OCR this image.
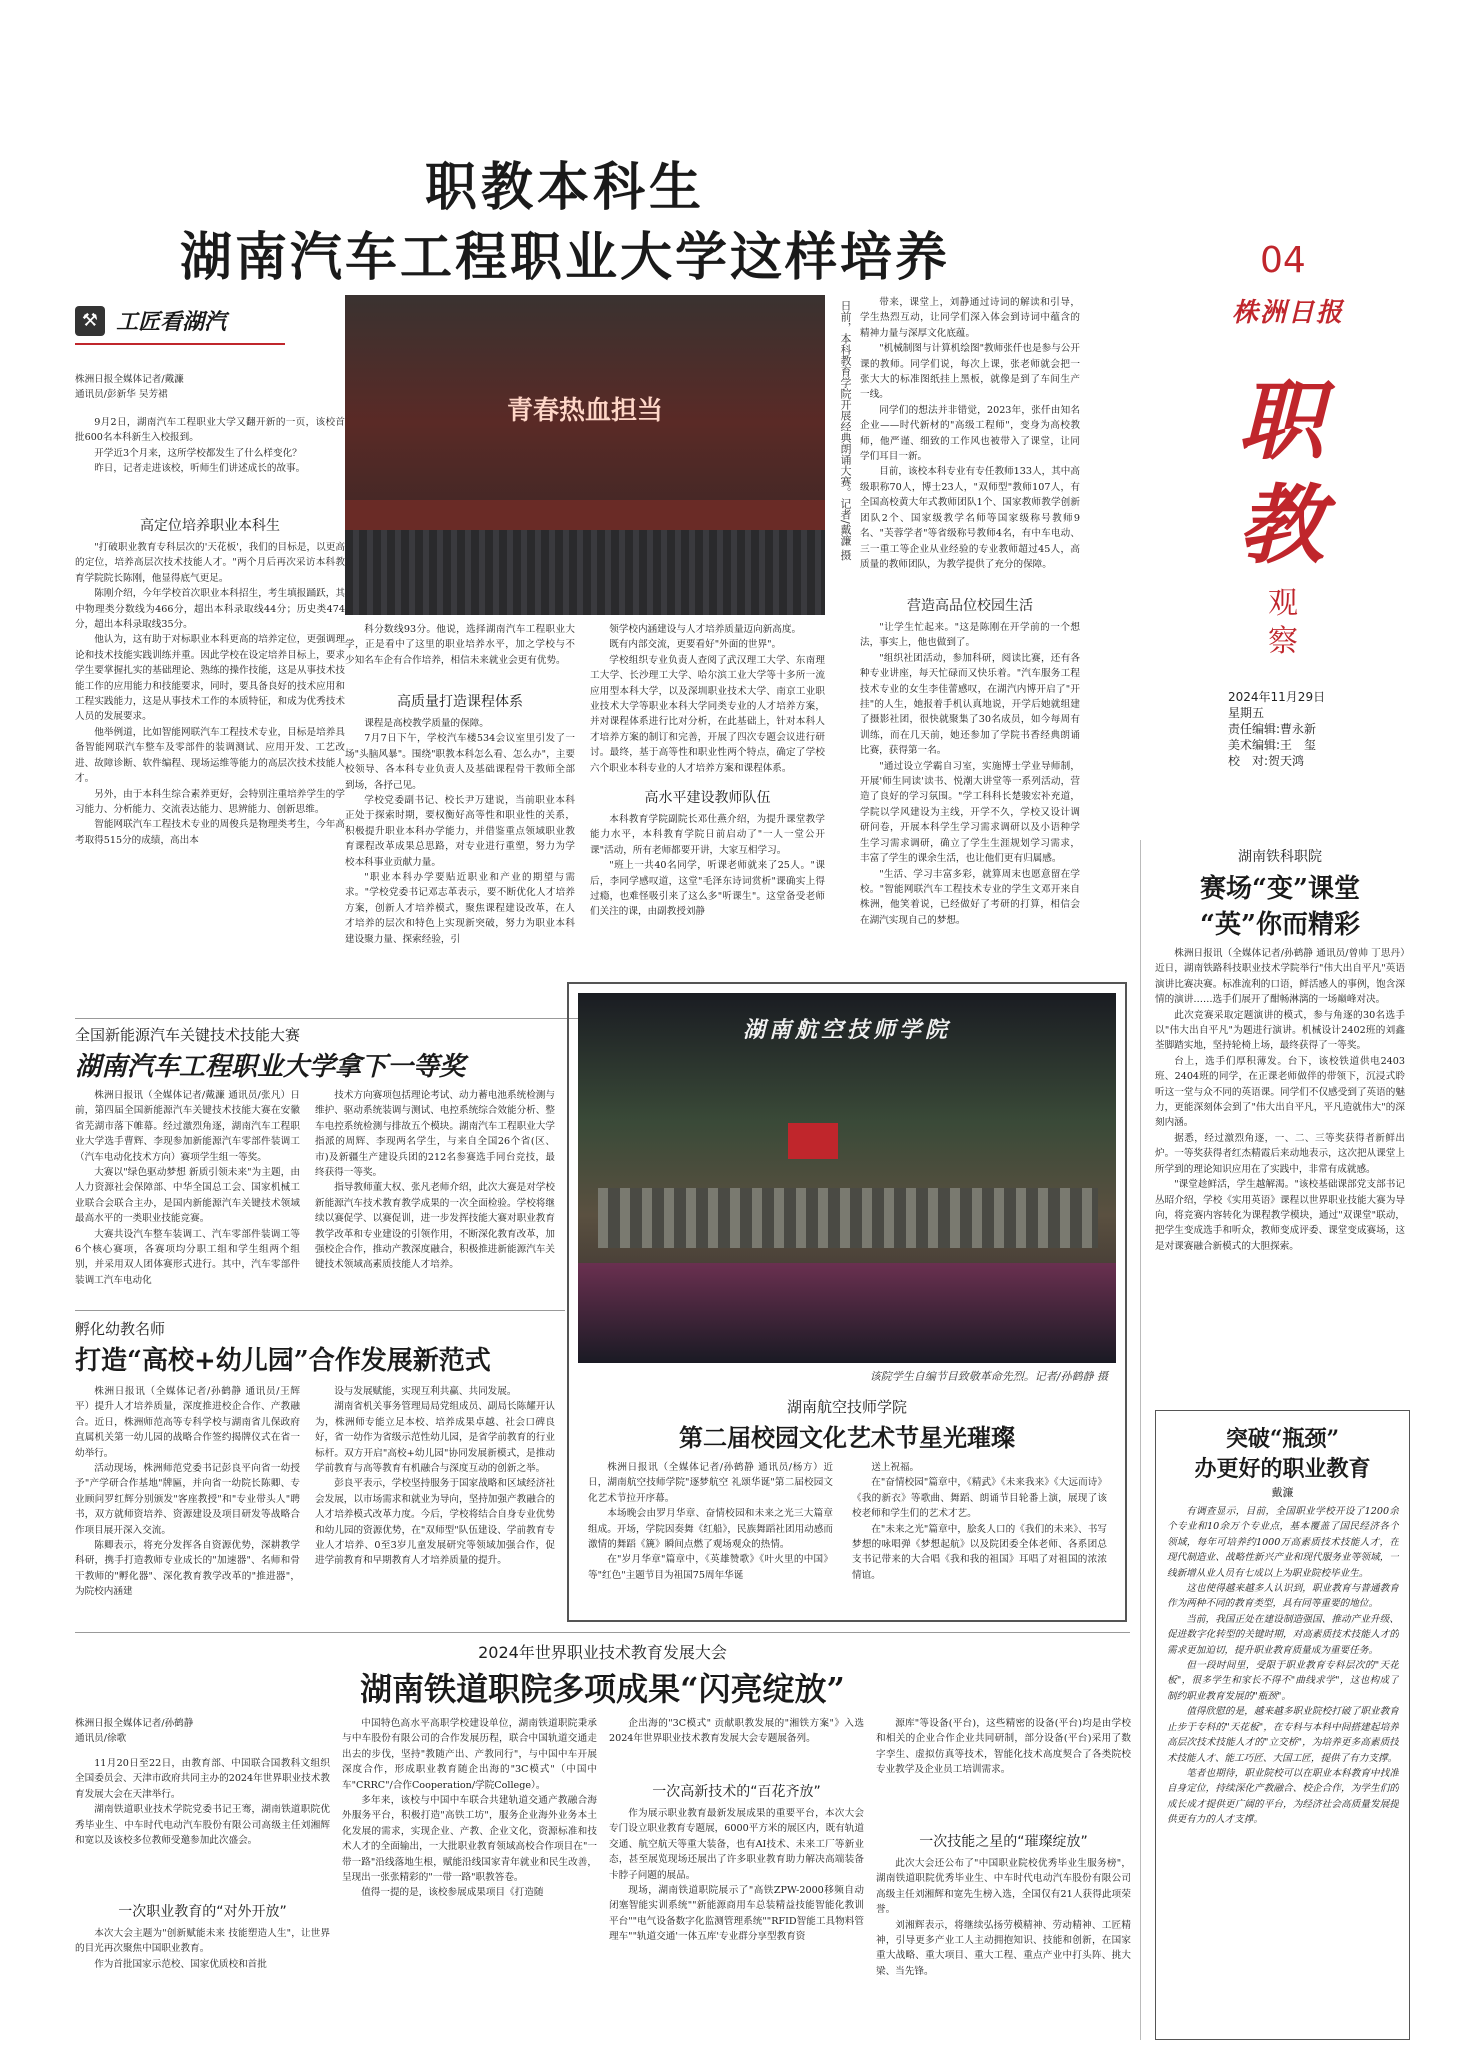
职教本科生
湖南汽车工程职业大学这样培养	04
株洲日报
职教
观察
2024年11月29日
星期五
责任编辑:曹永新
美术编辑:王　玺
校　对:贺天鸿
⚒ 工匠看湖汽
株洲日报全媒体记者/戴濂
通讯员/彭新华 吴芳裙
青春热血担当	日前，本科教育学院开展经典朗诵大赛。记者/戴濂 摄

9月2日，湖南汽车工程职业大学又翻开新的一页，该校首批600名本科新生入校报到。

开学近3个月来，这所学校都发生了什么样变化？

昨日，记者走进该校，听师生们讲述成长的故事。

高定位培养职业本科生

"打破职业教育专科层次的'天花板'，我们的目标是，以更高的定位，培养高层次技术技能人才。"两个月后再次采访本科教育学院院长陈刚，他显得底气更足。

陈刚介绍，今年学校首次职业本科招生，考生填报踊跃，其中物理类分数线为466分，超出本科录取线44分；历史类474分，超出本科录取线35分。

他认为，这有助于对标职业本科更高的培养定位，更强调理论和技术技能实践训练并重。因此学校在设定培养目标上，要求学生要掌握扎实的基础理论、熟练的操作技能，这是从事技术技能工作的应用能力和技能要求，同时，要具备良好的技术应用和工程实践能力，这是从事技术工作的本质特征，和成为优秀技术人员的发展要求。

他举例道，比如智能网联汽车工程技术专业，目标是培养具备智能网联汽车整车及零部件的装调测试、应用开发、工艺改进、故障诊断、软件编程、现场运维等能力的高层次技术技能人才。

另外，由于本科生综合素养更好，会特别注重培养学生的学习能力、分析能力、交流表达能力、思辨能力、创新思维。

智能网联汽车工程技术专业的周俊兵是物理类考生，今年高考取得515分的成绩，高出本

科分数线93分。他说，选择湖南汽车工程职业大学，正是看中了这里的职业培养水平，加之学校与不少知名车企有合作培养，相信未来就业会更有优势。

高质量打造课程体系

课程是高校教学质量的保障。

7月7日下午，学校汽车楼534会议室里引发了一场"头脑风暴"。围绕"职教本科怎么看、怎么办"，主要校领导、各本科专业负责人及基础课程骨干教师全部到场，各抒己见。

学校党委副书记、校长尹万建说，当前职业本科正处于探索时期，要权衡好高等性和职业性的关系，积极提升职业本科办学能力，并借鉴重点领域职业教育课程改革成果总思路，对专业进行重塑，努力为学校本科事业贡献力量。

"职业本科办学要贴近职业和产业的期望与需求。"学校党委书记邓志革表示，要不断优化人才培养方案，创新人才培养模式，聚焦课程建设改革，在人才培养的层次和特色上实现新突破，努力为职业本科建设聚力量、探索经验，引

领学校内涵建设与人才培养质量迈向新高度。

既有内部交流，更要看好"外面的世界"。

学校组织专业负责人查阅了武汉理工大学、东南理工大学、长沙理工大学、哈尔滨工业大学等十多所一流应用型本科大学，以及深圳职业技术大学、南京工业职业技术大学等职业本科大学同类专业的人才培养方案，并对课程体系进行比对分析，在此基础上，针对本科人才培养方案的制订和完善，开展了四次专题会议进行研讨。最终，基于高等性和职业性两个特点，确定了学校六个职业本科专业的人才培养方案和课程体系。

高水平建设教师队伍

本科教育学院副院长邓仕燕介绍，为提升课堂教学能力水平，本科教育学院日前启动了"一人一堂公开课"活动，所有老师都要开讲，大家互相学习。

"班上一共40名同学，听课老师就来了25人。"课后，李同学感叹道，这堂"毛泽东诗词赏析"课确实上得过瘾，也难怪吸引来了这么多"听课生"。这堂备受老师们关注的课，由副教授刘静

带来，课堂上，刘静通过诗词的解读和引导，学生热烈互动，让同学们深入体会到诗词中蕴含的精神力量与深厚文化底蕴。

"机械制图与计算机绘图"教师张仟也是参与公开课的教师。同学们说，每次上课，张老师就会把一张大大的标准图纸挂上黑板，就像是到了车间生产一线。

同学们的想法并非错觉，2023年，张仟由知名企业——时代新材的"高级工程师"，变身为高校教师，他严谨、细致的工作风也被带入了课堂，让同学们耳目一新。

目前，该校本科专业有专任教师133人，其中高级职称70人，博士23人，"双师型"教师107人，有全国高校黄大年式教师团队1个、国家教师教学创新团队2个、国家级教学名师等国家级称号教师9名、"芙蓉学者"等省级称号教师4名，有中车电动、三一重工等企业从业经验的专业教师超过45人，高质量的教师团队，为教学提供了充分的保障。

营造高品位校园生活

"让学生忙起来。"这是陈刚在开学前的一个想法，事实上，他也做到了。

"组织社团活动，参加科研，阅读比赛，还有各种专业讲座，每天忙碌而又快乐着。"汽车服务工程技术专业的女生李佳蕾感叹，在湖汽内博开启了"开挂"的人生，她报着手机认真地说，开学后她就组建了摄影社团，很快就聚集了30名成员，如今每周有训练，而在几天前，她还参加了学院书香经典朗诵比赛，获得第一名。

"通过设立学霸自习室，实施博士学业导师制，开展'师生同读'读书、悦潮大讲堂等一系列活动，营造了良好的学习氛围。"学工科科长楚骏宏补充道，学院以学风建设为主线，开学不久，学校又设计调研问卷，开展本科学生学习需求调研以及小语种学生学习需求调研，确立了学生生涯规划学习需求，丰富了学生的课余生活，也让他们更有归属感。

"生活、学习丰富多彩，就算周末也愿意留在学校。"智能网联汽车工程技术专业的学生文邓开来自株洲，他笑着说，已经做好了考研的打算，相信会在湖汽实现自己的梦想。

全国新能源汽车关键技术技能大赛
湖南汽车工程职业大学拿下一等奖

株洲日报讯（全媒体记者/戴濂 通讯员/张凡）日前，第四届全国新能源汽车关键技术技能大赛在安徽省芜湖市落下帷幕。经过激烈角逐，湖南汽车工程职业大学选手曹辉、李现参加新能源汽车零部件装调工（汽车电动化技术方向）赛项学生组一等奖。

大赛以"绿色驱动梦想 新质引领未来"为主题，由人力资源社会保障部、中华全国总工会、国家机械工业联合会联合主办，是国内新能源汽车关键技术领域最高水平的一类职业技能竞赛。

大赛共设汽车整车装调工、汽车零部件装调工等6个核心赛项，各赛项均分职工组和学生组两个组别，并采用双人团体赛形式进行。其中，汽车零部件装调工汽车电动化

技术方向赛项包括理论考试、动力蓄电池系统检测与维护、驱动系统装调与测试、电控系统综合效能分析、整车电控系统检测与排故五个模块。湖南汽车工程职业大学指派的周辉、李现两名学生，与来自全国26个省(区、市)及新疆生产建设兵团的212名参赛选手同台竞技，最终获得一等奖。

指导教师董大权、张凡老师介绍，此次大赛是对学校新能源汽车技术教育教学成果的一次全面检验。学校将继续以赛促学、以赛促训，进一步发挥技能大赛对职业教育教学改革和专业建设的引领作用，不断深化教育改革，加强校企合作，推动产教深度融合，积极推进新能源汽车关键技术领域高素质技能人才培养。

孵化幼教名师
打造“高校+幼儿园”合作发展新范式

株洲日报讯（全媒体记者/孙鹤静 通讯员/王辉平）提升人才培养质量，深度推进校企合作、产教融合。近日，株洲师范高等专科学校与湖南省儿保政府直属机关第一幼儿园的战略合作签约揭牌仪式在省一幼举行。

活动现场，株洲师范党委书记彭良平向省一幼授予"产学研合作基地"牌匾，并向省一幼院长陈卿、专业顾问罗红辉分别颁发"客座教授"和"专业带头人"聘书，双方就师资培养、资源建设及项目研发等战略合作项目展开深入交流。

陈卿表示，将充分发挥各自资源优势，深耕教学科研，携手打造教师专业成长的"加速器"、名师和骨干教师的"孵化器"、深化教育教学改革的"推进器"，为院校内涵建

设与发展赋能，实现互利共赢、共同发展。

湖南省机关事务管理局局党组成员、副局长陈耀开认为，株洲师专能立足本校、培养成果卓越、社会口碑良好，省一幼作为省级示范性幼儿园，是省学前教育的行业标杆。双方开启"高校+幼儿园"协同发展新模式，是推动学前教育与高等教育有机融合与深度互动的创新之举。

彭良平表示，学校坚持服务于国家战略和区域经济社会发展，以市场需求和就业为导向，坚持加强产教融合的人才培养模式改革力度。今后，学校将结合自身专业优势和幼儿园的资源优势，在"双师型"队伍建设、学前教育专业人才培养、0至3岁儿童发展研究等领域加强合作，促进学前教育和早期教育人才培养质量的提升。

湖南航空技师学院
该院学生自编节目致敬革命先烈。记者/孙鹤静 摄
湖南航空技师学院
第二届校园文化艺术节星光璀璨

株洲日报讯（全媒体记者/孙鹤静 通讯员/杨方）近日，湖南航空技师学院"逐梦航空 礼颂华诞"第二届校园文化艺术节拉开序幕。

本场晚会由罗月华章、奋情校园和未来之光三大篇章组成。开场，学院因奏舞《红船》，民族舞蹈社团用动感而激情的舞蹈《篪》瞬间点燃了观场观众的热情。

在"岁月华章"篇章中，《英雄赞歌》《叶火里的中国》等"红色"主题节目为祖国75周年华诞

送上祝福。

在"奋情校园"篇章中，《精武》《未来我来》《大远而诗》《我的新衣》等歌曲、舞蹈、朗诵节目轮番上演，展现了该校老师和学生们的艺术才艺。

在"未来之光"篇章中，脍炙人口的《我们的未来》、书写梦想的咏唱弹《梦想起航》以及院团委全体老师、各系团总支书记带来的大合唱《我和我的祖国》耳唱了对祖国的浓浓情谊。

湖南铁科职院
赛场“变”课堂
“英”你而精彩

株洲日报讯（全媒体记者/孙鹤静 通讯员/曾帅 丁思丹）近日，湖南铁路科技职业技术学院举行"伟大出自平凡"英语演讲比赛决赛。标准流利的口语，鲜活感人的事例，饱含深情的演讲……选手们展开了酣畅淋漓的一场巅峰对决。

此次竞赛采取定题演讲的模式，参与角逐的30名选手以"伟大出自平凡"为题进行演讲。机械设计2402班的刘鑫荃脚踏实地，坚持轮椅上场，最终获得了一等奖。

台上，选手们厚积薄发。台下，该校铁道供电2403班、2404班的同学，在正课老师做伴的带领下，沉浸式聆听这一堂与众不同的英语课。同学们不仅感受到了英语的魅力，更能深刻体会到了"伟大出自平凡，平凡造就伟大"的深刻内涵。

据悉，经过激烈角逐，一、二、三等奖获得者新鲜出炉。一等奖获得者红杰精霞后来动地表示，这次把从课堂上所学到的理论知识应用在了实践中，非常有成就感。

"课堂趁鲜活，学生越解渴。"该校基础课部党支部书记丛昭介绍，学校《实用英语》课程以世界职业技能大赛为导向，将竞赛内容转化为课程教学模块，通过"双课堂"联动，把学生变成选手和听众，教师变成评委、课堂变成赛场，这是对课赛融合新模式的大胆探索。

突破“瓶颈”
办更好的职业教育
戴濂

有调查显示，目前，全国职业学校开设了1200余个专业和10余万个专业点，基本覆盖了国民经济各个领域，每年可培养约1000万高素质技术技能人才，在现代制造业、战略性新兴产业和现代服务业等领域，一线新增从业人员有七成以上为职业院校毕业生。

这也使得越来越多人认识到，职业教育与普通教育作为两种不同的教育类型，具有同等重要的地位。

当前，我国正处在建设制造强国、推动产业升级、促进数字化转型的关键时期，对高素质技术技能人才的需求更加迫切，提升职业教育质量成为重要任务。

但一段时间里，受限于职业教育专科层次的"天花板"，很多学生和家长不得不"曲线求学"，这也构成了制约职业教育发展的"瓶颈"。

值得欣慰的是，越来越多职业院校打破了职业教育止步于专科的"天花板"，在专科与本科中间搭建起培养高层次技术技能人才的"立交桥"，为培养更多高素质技术技能人才、能工巧匠、大国工匠，提供了有力支撑。

笔者也期待，职业院校可以在职业本科教育中找准自身定位，持续深化产教融合、校企合作，为学生们的成长成才提供更广阔的平台，为经济社会高质量发展提供更有力的人才支撑。

2024年世界职业技术教育发展大会
湖南铁道职院多项成果“闪亮绽放”
株洲日报全媒体记者/孙鹤静
通讯员/徐歌

11月20日至22日，由教育部、中国联合国教科文组织全国委员会、天津市政府共同主办的2024年世界职业技术教育发展大会在天津举行。

湖南铁道职业技术学院党委书记王骞，湖南铁道职院优秀毕业生、中车时代电动汽车股份有限公司高级主任刘湘辉和宽以及该校多位教师受邀参加此次盛会。

一次职业教育的“对外开放”

本次大会主题为"创新赋能未来 技能塑造人生"，让世界的目光再次聚焦中国职业教育。

作为首批国家示范校、国家优质校和首批

中国特色高水平高职学校建设单位，湖南铁道职院秉承与中车股份有限公司的合作发展历程，联合中国轨道交通走出去的步伐，坚持"教随产出、产教同行"，与中国中车开展深度合作，形成职业教育随企出海的"3C模式"（中国中车"CRRC"/合作Cooperation/学院College）。

多年来，该校与中国中车联合共建轨道交通产教融合海外服务平台，积极打造"高铁工坊"，服务企业海外业务本土化发展的需求，实现企业、产教、企业文化，资源标准和技术人才的全面输出，一大批职业教育领域高校合作项目在"一带一路"沿线落地生根，赋能沿线国家青年就业和民生改善，呈现出一张张精彩的"一带一路"职教答卷。

值得一提的是，该校参展成果项目《打造随

企出海的"3C模式" 贡献职教发展的"湘铁方案"》入选2024年世界职业技术教育发展大会专题展备列。

一次高新技术的“百花齐放”

作为展示职业教育最新发展成果的重要平台，本次大会专门设立职业教育专题展，6000平方米的展区内，既有轨道交通、航空航天等重大装备，也有AI技术、未来工厂等新业态，甚至展览现场还展出了许多职业教育助力解决高端装备卡脖子问题的展品。

现场，湖南铁道职院展示了"高铁ZPW-2000移频自动闭塞智能实训系统""新能源商用车总装精益技能智能化教训平台""电气设备数字化监测管理系统""RFID智能工具物料管理车""轨道交通'一体五库'专业群分享型教育资

源库"等设备(平台)，这些精密的设备(平台)均是由学校和相关的企业合作企业共同研制，部分设备(平台)采用了数字孪生、虚拟仿真等技术，智能化技术高度契合了各类院校专业教学及企业员工培训需求。

一次技能之星的“璀璨绽放”

此次大会还公布了"中国职业院校优秀毕业生服务榜"，湖南铁道职院优秀毕业生、中车时代电动汽车股份有限公司高级主任刘湘辉和宽先生榜入选，全国仅有21人获得此项荣誉。

刘湘辉表示，将继续弘扬劳模精神、劳动精神、工匠精神，引导更多产业工人主动拥抱知识、技能和创新，在国家重大战略、重大项目、重大工程、重点产业中打头阵、挑大梁、当先锋。
